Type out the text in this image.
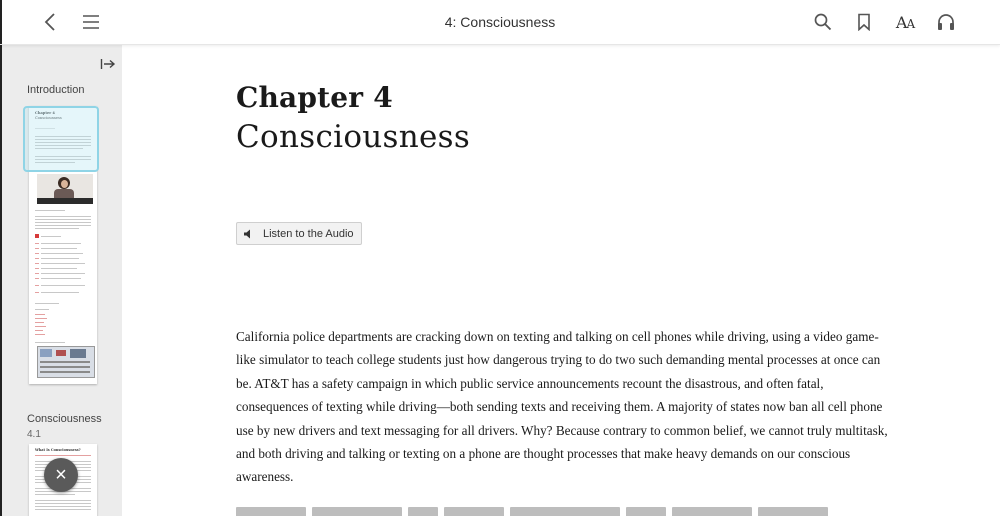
4: Consciousness	AA
Introduction
Chapter 4
Consciousness
Consciousness
4.1
What Is Consciousness?
×
Chapter 4
Consciousness
Listen to the Audio
California police departments are cracking down on texting and talking on cell phones while driving, using a video game-like simulator to teach college students just how dangerous trying to do two such demanding mental processes at once can be. AT&T has a safety campaign in which public service announcements recount the disastrous, and often fatal, consequences of texting while driving—both sending texts and receiving them. A majority of states now ban all cell phone use by new drivers and text messaging for all drivers. Why? Because contrary to common belief, we cannot truly multitask, and both driving and talking or texting on a phone are thought processes that make heavy demands on our conscious awareness.
